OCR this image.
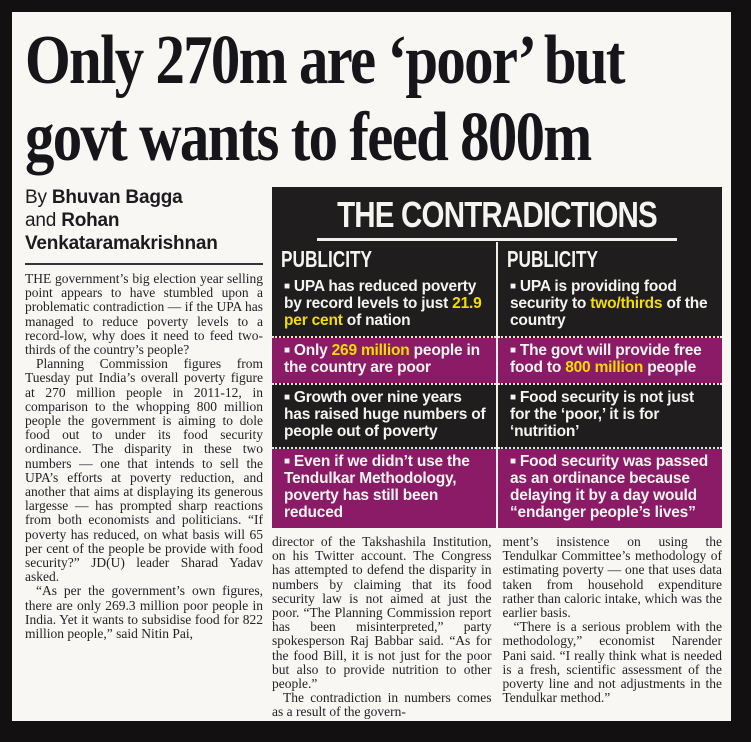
Only 270m are ‘poor’ but
govt wants to feed 800m
By Bhuvan Bagga
and Rohan
Venkataramakrishnan

THE government’s big election year selling point appears to have stumbled upon a problematic contradiction — if the UPA has managed to reduce poverty levels to a record-low, why does it need to feed two-thirds of the country’s people?

Planning Commission figures from Tuesday put India’s overall poverty figure at 270 million people in 2011-12, in comparison to the whopping 800 million people the government is aiming to dole food out to under its food security ordinance. The disparity in these two numbers — one that intends to sell the UPA’s efforts at poverty reduction, and another that aims at displaying its generous largesse — has prompted sharp reactions from both economists and politicians. “If poverty has reduced, on what basis will 65 per cent of the people be provide with food security?” JD(U) leader Sharad Yadav asked.

“As per the government’s own figures, there are only 269.3 million poor people in India. Yet it wants to subsidise food for 822 million people,” said Nitin Pai,

THE CONTRADICTIONS
PUBLICITY
■ UPA has reduced poverty by record levels to just 21.9 per cent of nation
■ Only 269 million people in the country are poor
■ Growth over nine years has raised huge numbers of people out of poverty
■ Even if we didn’t use the Tendulkar Methodology, poverty has still been reduced
PUBLICITY
■ UPA is providing food security to two/thirds of the country
■ The govt will provide free food to 800 million people
■ Food security is not just for the ‘poor,’ it is for ‘nutrition’
■ Food security was passed as an ordinance because delaying it by a day would “endanger people’s lives”

director of the Takshashila Institution, on his Twitter account. The Congress has attempted to defend the disparity in numbers by claiming that its food security law is not aimed at just the poor. “The Planning Commission report has been misinterpreted,” party spokesperson Raj Babbar said. “As for the food Bill, it is not just for the poor but also to provide nutrition to other people.”

The contradiction in numbers comes as a result of the govern-

ment’s insistence on using the Tendulkar Committee’s methodology of estimating poverty — one that uses data taken from household expenditure rather than caloric intake, which was the earlier basis.

“There is a serious problem with the methodology,” economist Narender Pani said. “I really think what is needed is a fresh, scientific assessment of the poverty line and not adjustments in the Tendulkar method.”
